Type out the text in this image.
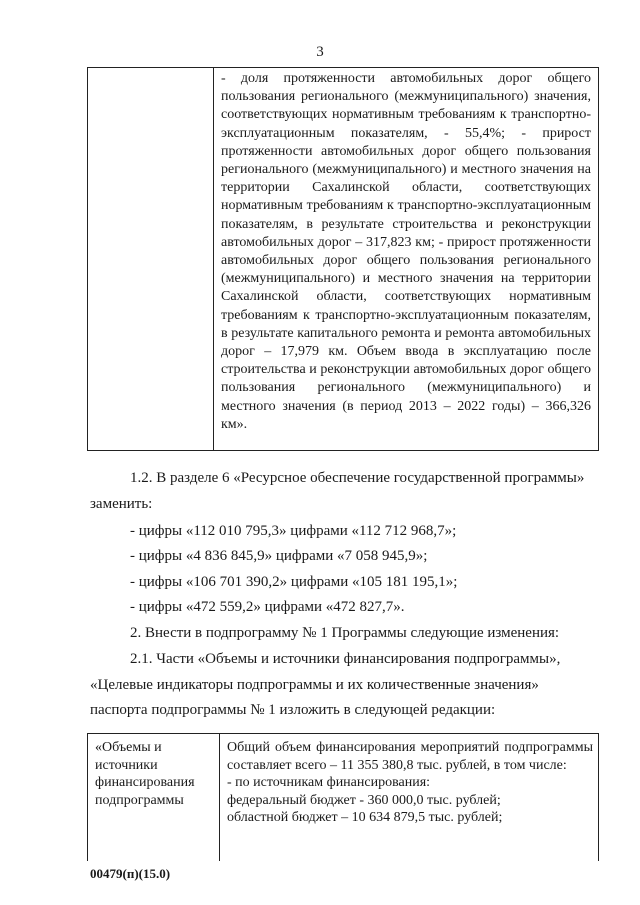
3
- доля протяженности автомобильных дорог общего пользования регионального (межмуниципального) значения, соответствующих нормативным требованиям к транспортно-эксплуатационным показателям, - 55,4%; - прирост протяженности автомобильных дорог общего пользования регионального (межмуниципального) и местного значения на территории Сахалинской области, соответствующих нормативным требованиям к транспортно-эксплуатационным показателям, в результате строительства и реконструкции автомобильных дорог – 317,823 км; - прирост протяженности автомобильных дорог общего пользования регионального (межмуниципального) и местного значения на территории Сахалинской области, соответствующих нормативным требованиям к транспортно-эксплуатационным показателям, в результате капитального ремонта и ремонта автомобильных дорог – 17,979 км. Объем ввода в эксплуатацию после строительства и реконструкции автомобильных дорог общего пользования регионального (межмуниципального) и местного значения (в период 2013 – 2022 годы) – 366,326 км».
1.2. В разделе 6 «Ресурсное обеспечение государственной программы»
заменить:
- цифры «112 010 795,3» цифрами «112 712 968,7»;
- цифры «4 836 845,9» цифрами «7 058 945,9»;
- цифры «106 701 390,2» цифрами «105 181 195,1»;
- цифры «472 559,2» цифрами «472 827,7».
2. Внести в подпрограмму № 1 Программы следующие изменения:
2.1. Части «Объемы и источники финансирования подпрограммы»,
«Целевые индикаторы подпрограммы и их количественные значения»
паспорта подпрограммы № 1 изложить в следующей редакции:
«Объемы и источники финансирования подпрограммы
Общий объем финансирования мероприятий подпрограммы составляет всего – 11 355 380,8 тыс. рублей, в том числе:
- по источникам финансирования:
федеральный бюджет - 360 000,0 тыс. рублей;
областной бюджет – 10 634 879,5 тыс. рублей;
00479(п)(15.0)
